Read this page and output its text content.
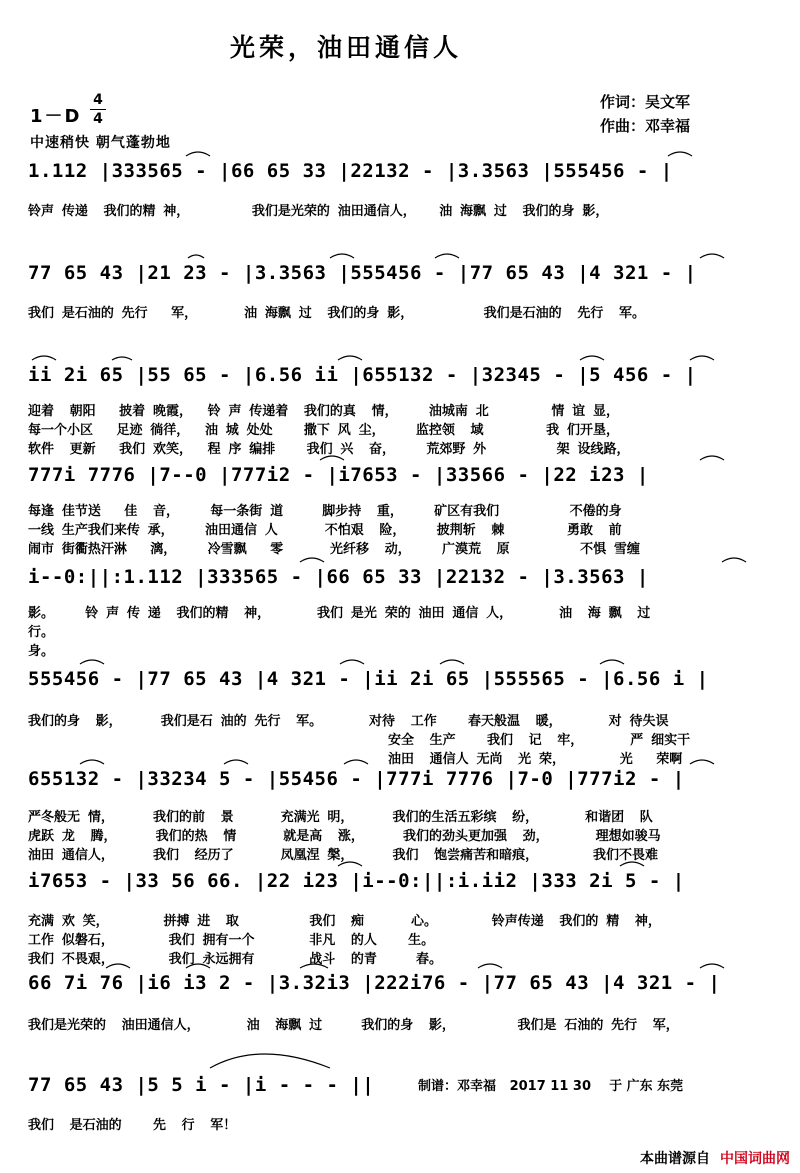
光荣，油田通信人
作词：吴文军
作曲：邓幸福
1－D
4
4
中速稍快 朝气蓬勃地
1.112 |333565 - |66 65 33 |22132 - |3.3563 |555456 - |
铃声 传递  我们的精 神，        我们是光荣的 油田通信人，   油 海飘 过  我们的身 影，
77 65 43 |21 23 - |3.3563 |555456 - |77 65 43 |4 321 - |
我们 是石油的 先行   军，      油 海飘 过  我们的身 影，         我们是石油的  先行  军。
ii 2i 65 |55 65 - |6.56 ii |655132 - |32345 - |5 456 - |
迎着  朝阳   披着 晚霞，  铃 声 传递着  我们的真  情，    油城南 北        情 谊 显，
每一个小区   足迹 徜徉，  油 城 处处    撒下 风 尘，    监控领  域        我 们开垦，
软件  更新   我们 欢笑，  程 序 编排    我们 兴  奋，    荒郊野 外         架 设线路，
777i 7776 |7--0 |777i2 - |i7653 - |33566 - |22 i23 |
每逢 佳节送   佳  音，    每一条街 道     脚步持  重，    矿区有我们         不倦的身
一线 生产我们来传 承，    油田通信 人      不怕艰  险，    披荆斩  棘        勇敢  前
闹市 街衢热汗淋   漓，    冷雪飘   零      光纤移  动，    广漠荒  原         不惧 雪缠
i--0:||:1.112 |333565 - |66 65 33 |22132 - |3.3563 |
影。    铃 声 传 递  我们的精  神，      我们 是光 荣的 油田 通信 人，      油  海 飘  过
行。
身。
555456 - |77 65 43 |4 321 - |ii 2i 65 |555565 - |6.56 i |
我们的身  影，     我们是石 油的 先行  军。      对待  工作    春天般温  暖，      对 待失误
安全  生产    我们  记  牢，      严 细实干
油田  通信人 无尚  光 荣，       光   荣啊
655132 - |33234 5 - |55456 - |777i 7776 |7-0 |777i2 - |
严冬般无 情，     我们的前  景      充满光 明，     我们的生活五彩缤  纷，      和谐团  队
虎跃 龙  腾，     我们的热  情      就是高  涨，     我们的劲头更加强  劲，      理想如骏马
油田 通信人，     我们  经历了      凤凰涅 槃，     我们  饱尝痛苦和暗痕，       我们不畏难
i7653 - |33 56 66. |22 i23 |i--0:||:i.ii2 |333 2i 5 - |
充满 欢 笑，       拼搏 进  取         我们  痴      心。       铃声传递  我们的 精  神，
工作 似磐石，       我们 拥有一个       非凡  的人    生。
我们 不畏艰，       我们 永远拥有       战斗  的青     春。
66 7i 76 |i6 i3 2 - |3.32i3 |222i76 - |77 65 43 |4 321 - |
我们是光荣的  油田通信人，      油  海飘 过     我们的身  影，        我们是 石油的 先行  军，
77 65 43 |5 5 i - |i - - - ||
我们  是石油的    先  行  军！
制谱：邓幸福   2017 11 30    于 广东 东莞
本曲谱源自 中国词曲网
